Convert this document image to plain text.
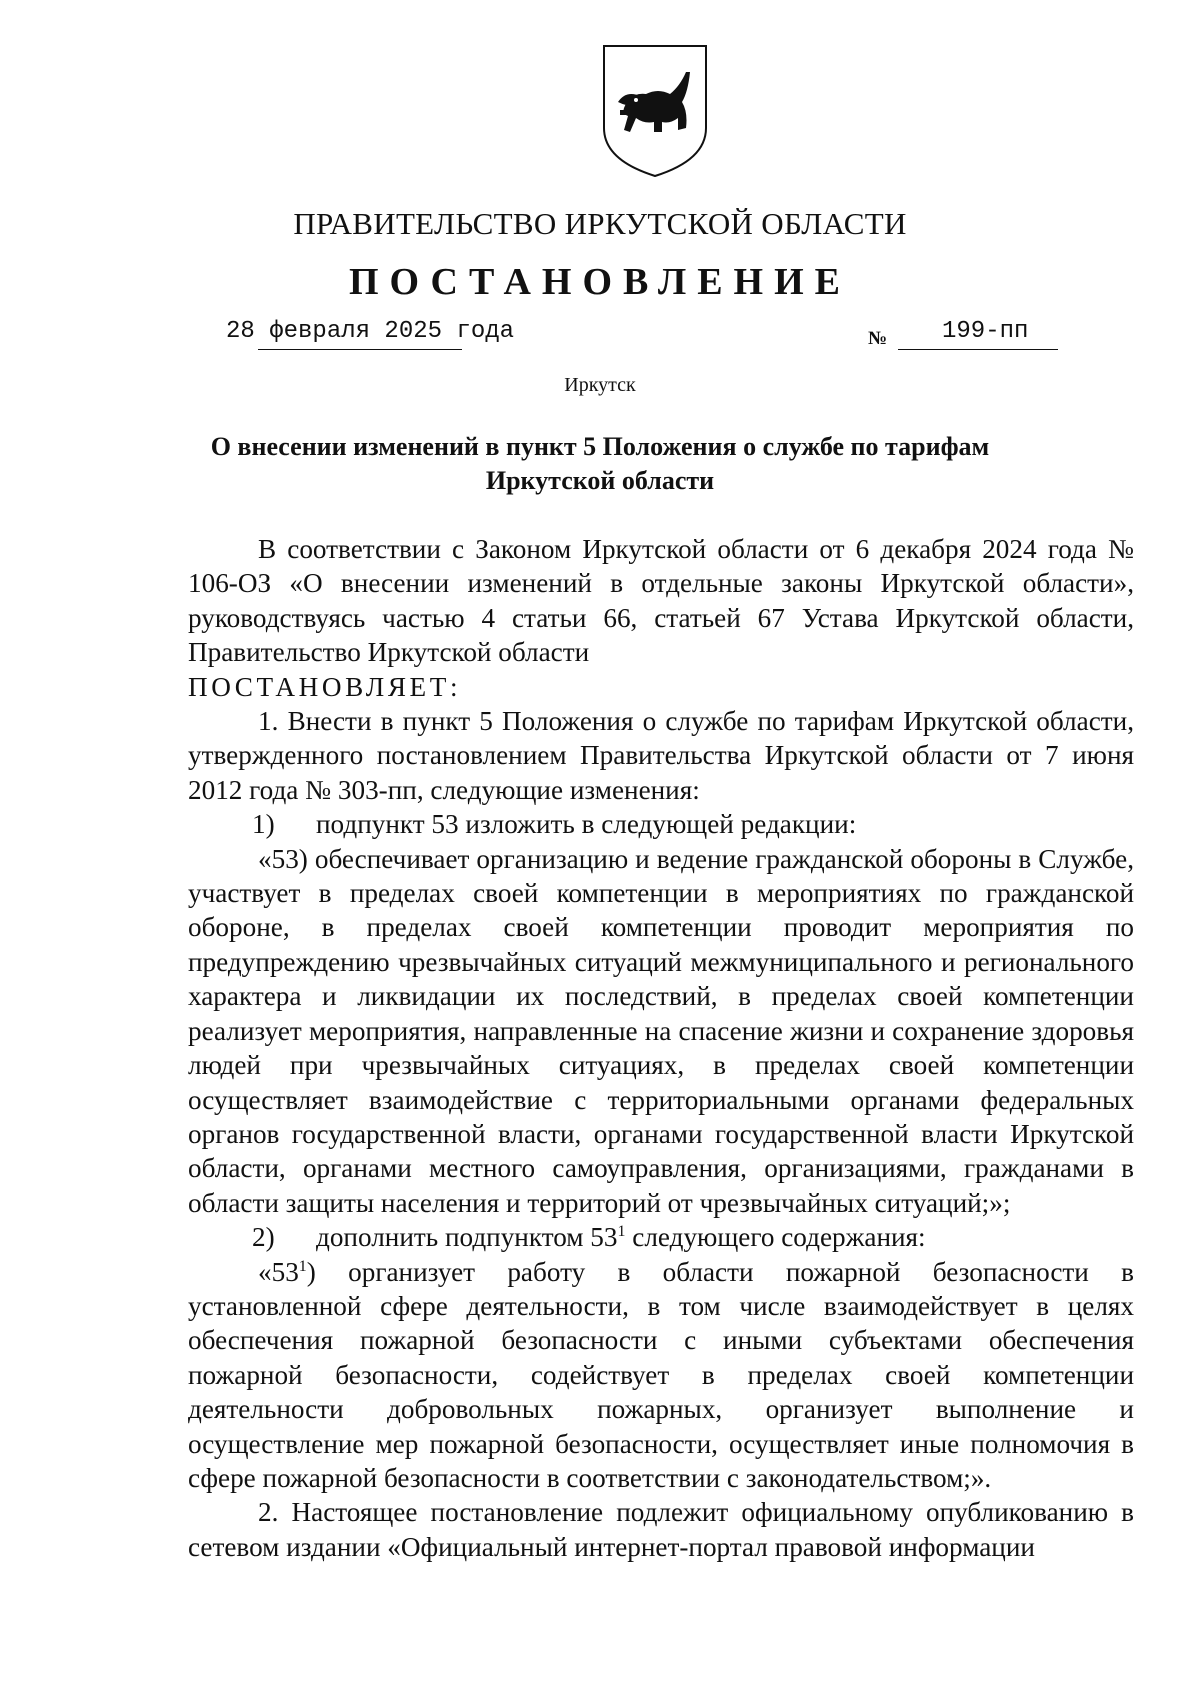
ПРАВИТЕЛЬСТВО ИРКУТСКОЙ ОБЛАСТИ
ПОСТАНОВЛЕНИЕ
28 февраля 2025 года	№ 199-пп
Иркутск
О внесении изменений в пункт 5 Положения о службе по тарифам
Иркутской области

В соответствии с Законом Иркутской области от 6 декабря 2024 года № 106-ОЗ «О внесении изменений в отдельные законы Иркутской области», руководствуясь частью 4 статьи 66, статьей 67 Устава Иркутской области, Правительство Иркутской области

ПОСТАНОВЛЯЕТ:

1. Внести в пункт 5 Положения о службе по тарифам Иркутской области, утвержденного постановлением Правительства Иркутской области от 7 июня 2012 года № 303-пп, следующие изменения:

1) подпункт 53 изложить в следующей редакции:

«53) обеспечивает организацию и ведение гражданской обороны в Службе, участвует в пределах своей компетенции в мероприятиях по гражданской обороне, в пределах своей компетенции проводит мероприятия по предупреждению чрезвычайных ситуаций межмуниципального и регионального характера и ликвидации их последствий, в пределах своей компетенции реализует мероприятия, направленные на спасение жизни и сохранение здоровья людей при чрезвычайных ситуациях, в пределах своей компетенции осуществляет взаимодействие с территориальными органами федеральных органов государственной власти, органами государственной власти Иркутской области, органами местного самоуправления, организациями, гражданами в области защиты населения и территорий от чрезвычайных ситуаций;»;

2) дополнить подпунктом $53^1$ следующего содержания:

«$53^1$) организует работу в области пожарной безопасности в установленной сфере деятельности, в том числе взаимодействует в целях обеспечения пожарной безопасности с иными субъектами обеспечения пожарной безопасности, содействует в пределах своей компетенции деятельности добровольных пожарных, организует выполнение и осуществление мер пожарной безопасности, осуществляет иные полномочия в сфере пожарной безопасности в соответствии с законодательством;».

2. Настоящее постановление подлежит официальному опубликованию в сетевом издании «Официальный интернет-портал правовой информации
